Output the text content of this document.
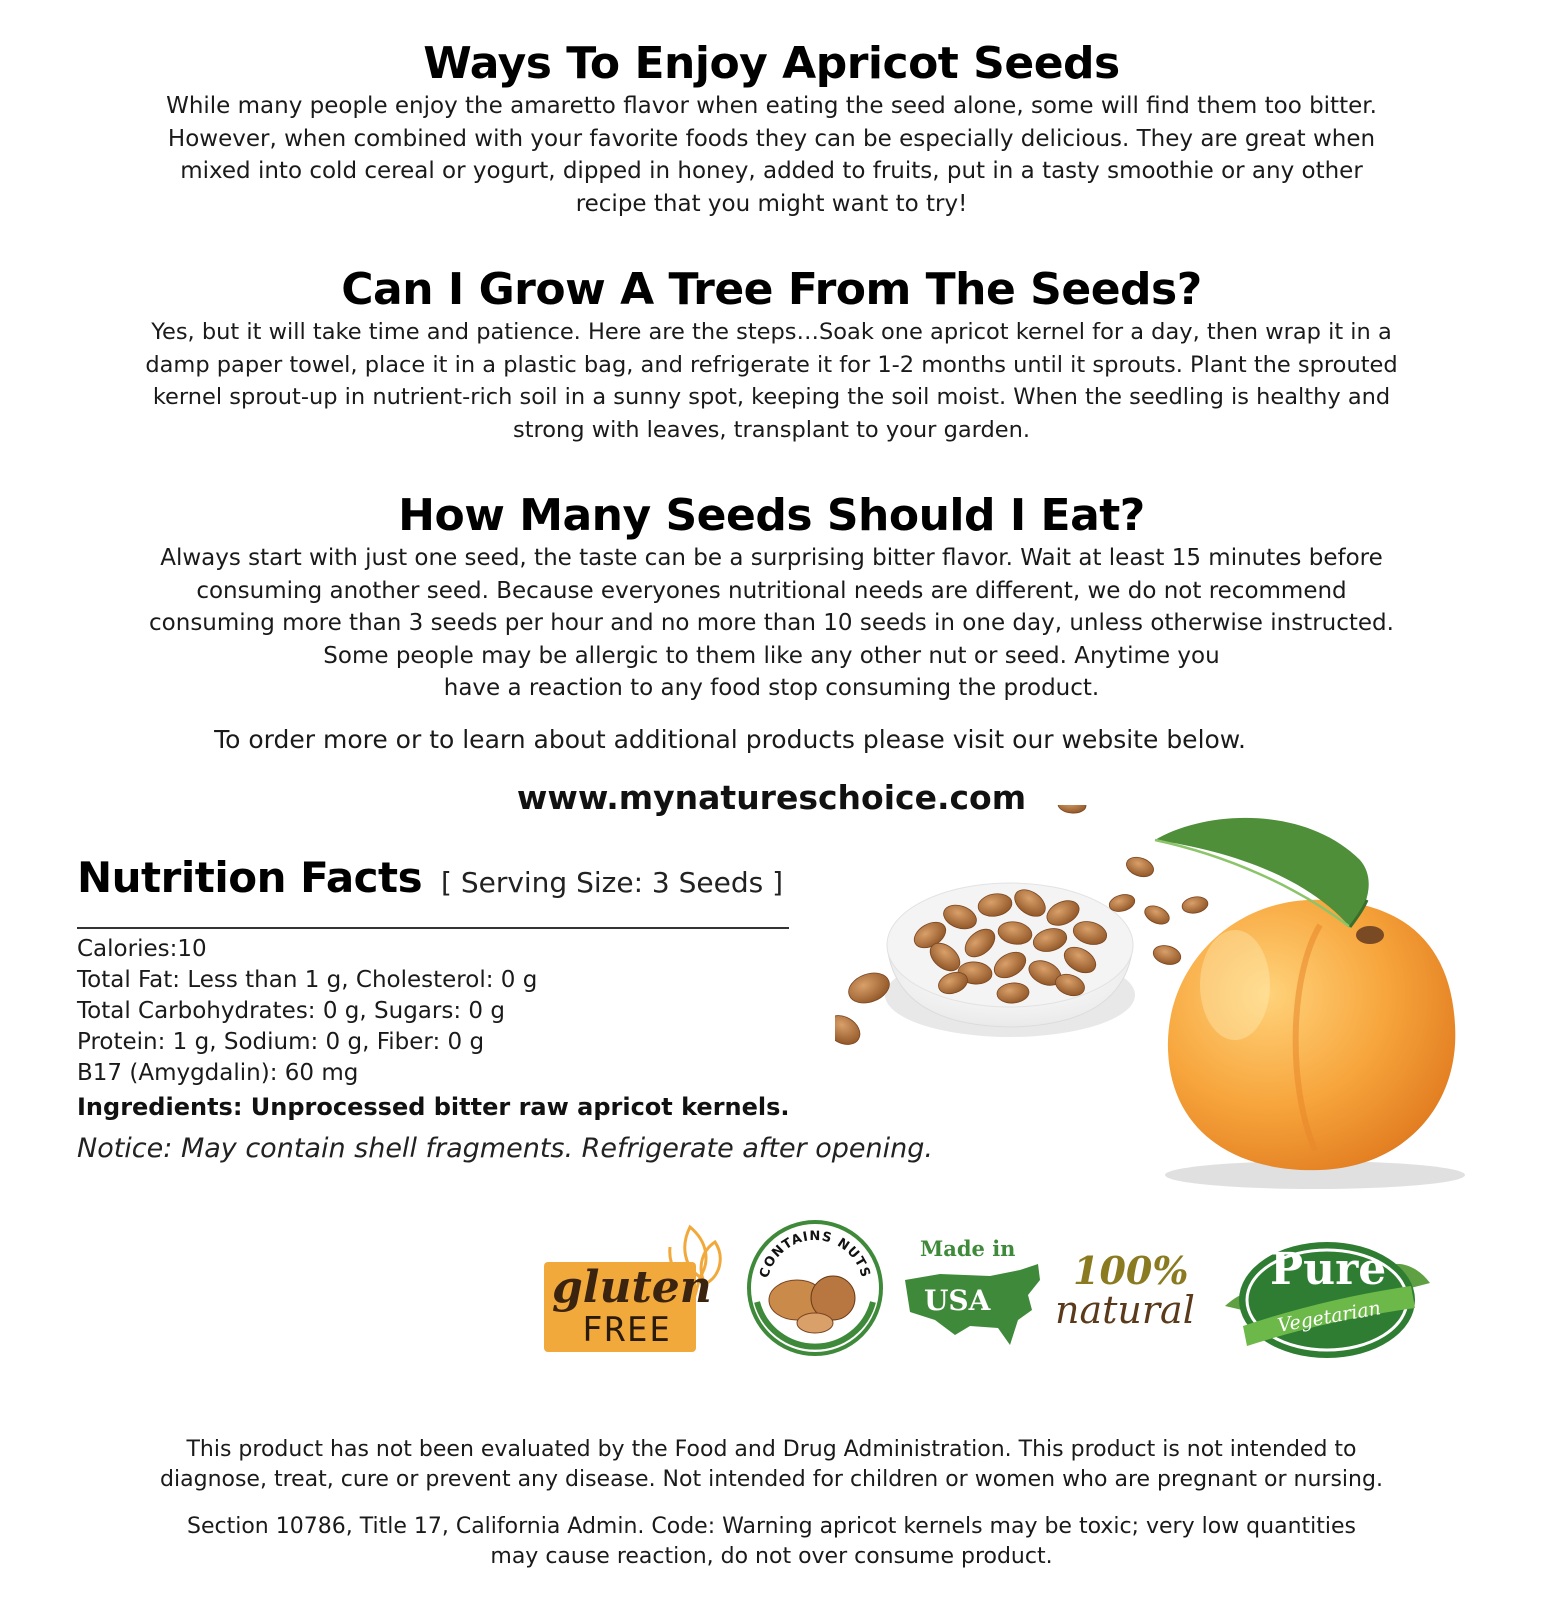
Ways To Enjoy Apricot Seeds
While many people enjoy the amaretto flavor when eating the seed alone, some will find them too bitter.
However, when combined with your favorite foods they can be especially delicious. They are great when
mixed into cold cereal or yogurt, dipped in honey, added to fruits, put in a tasty smoothie or any other
recipe that you might want to try!
Can I Grow A Tree From The Seeds?
Yes, but it will take time and patience. Here are the steps…Soak one apricot kernel for a day, then wrap it in a
damp paper towel, place it in a plastic bag, and refrigerate it for 1-2 months until it sprouts. Plant the sprouted
kernel sprout-up in nutrient-rich soil in a sunny spot, keeping the soil moist. When the seedling is healthy and
strong with leaves, transplant to your garden.
How Many Seeds Should I Eat?
Always start with just one seed, the taste can be a surprising bitter flavor. Wait at least 15 minutes before
consuming another seed. Because everyones nutritional needs are different, we do not recommend
consuming more than 3 seeds per hour and no more than 10 seeds in one day, unless otherwise instructed.
Some people may be allergic to them like any other nut or seed. Anytime you
have a reaction to any food stop consuming the product.
To order more or to learn about additional products please visit our website below.
www.mynatureschoice.com
Nutrition Facts [ Serving Size: 3 Seeds ]
Calories:10
Total Fat: Less than 1 g, Cholesterol: 0 g
Total Carbohydrates: 0 g, Sugars: 0 g
Protein: 1 g, Sodium: 0 g, Fiber: 0 g
B17 (Amygdalin): 60 mg
Ingredients: Unprocessed bitter raw apricot kernels.
Notice: May contain shell fragments. Refrigerate after opening.
gluten
FREE
CONTAINS NUTS
Made in
USA
100%
natural
Pure
Vegetarian
This product has not been evaluated by the Food and Drug Administration. This product is not intended to
diagnose, treat, cure or prevent any disease. Not intended for children or women who are pregnant or nursing.
Section 10786, Title 17, California Admin. Code: Warning apricot kernels may be toxic; very low quantities
may cause reaction, do not over consume product.
